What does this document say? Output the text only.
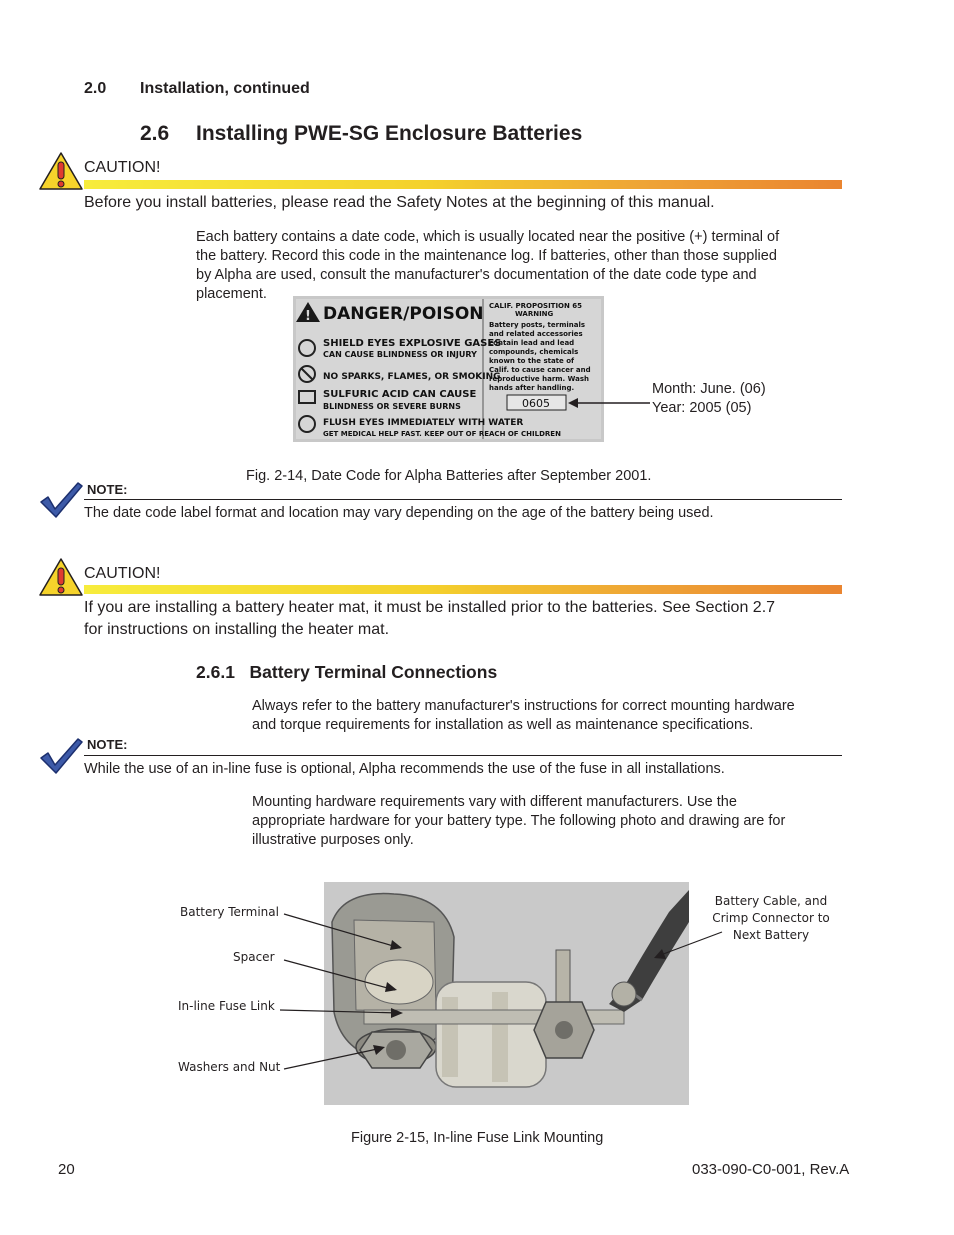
2.0 Installation, continued
2.6 Installing PWE-SG Enclosure Batteries
CAUTION!
Before you install batteries, please read the Safety Notes at the beginning of this manual.
Each battery contains a date code, which is usually located near the positive (+) terminal of
the battery. Record this code in the maintenance log. If batteries, other than those supplied
by Alpha are used, consult the manufacturer's documentation of the date code type and
placement.
! DANGER/POISON
SHIELD EYES EXPLOSIVE GASES
CAN CAUSE BLINDNESS OR INJURY
NO SPARKS, FLAMES, OR SMOKING
SULFURIC ACID CAN CAUSE
BLINDNESS OR SEVERE BURNS
FLUSH EYES IMMEDIATELY WITH WATER
GET MEDICAL HELP FAST. KEEP OUT OF REACH OF CHILDREN
CALIF. PROPOSITION 65
WARNING
Battery posts, terminals
and related accessories
contain lead and lead
compounds, chemicals
known to the state of
Calif. to cause cancer and
reproductive harm. Wash
hands after handling.
0605
Month: June. (06)
Year: 2005 (05)
Fig. 2-14, Date Code for Alpha Batteries after September 2001.
NOTE:
The date code label format and location may vary depending on the age of the battery being used.
CAUTION!
If you are installing a battery heater mat, it must be installed prior to the batteries. See Section 2.7
for instructions on installing the heater mat.
2.6.1 Battery Terminal Connections
Always refer to the battery manufacturer's instructions for correct mounting hardware
and torque requirements for installation as well as maintenance specifications.
NOTE:
While the use of an in-line fuse is optional, Alpha recommends the use of the fuse in all installations.
Mounting hardware requirements vary with different manufacturers. Use the
appropriate hardware for your battery type. The following photo and drawing are for
illustrative purposes only.
Battery Terminal
Spacer
In-line Fuse Link
Washers and Nut
Battery Cable, and
Crimp Connector to
Next Battery
Figure 2-15, In-line Fuse Link Mounting
20	033-090-C0-001, Rev.A
